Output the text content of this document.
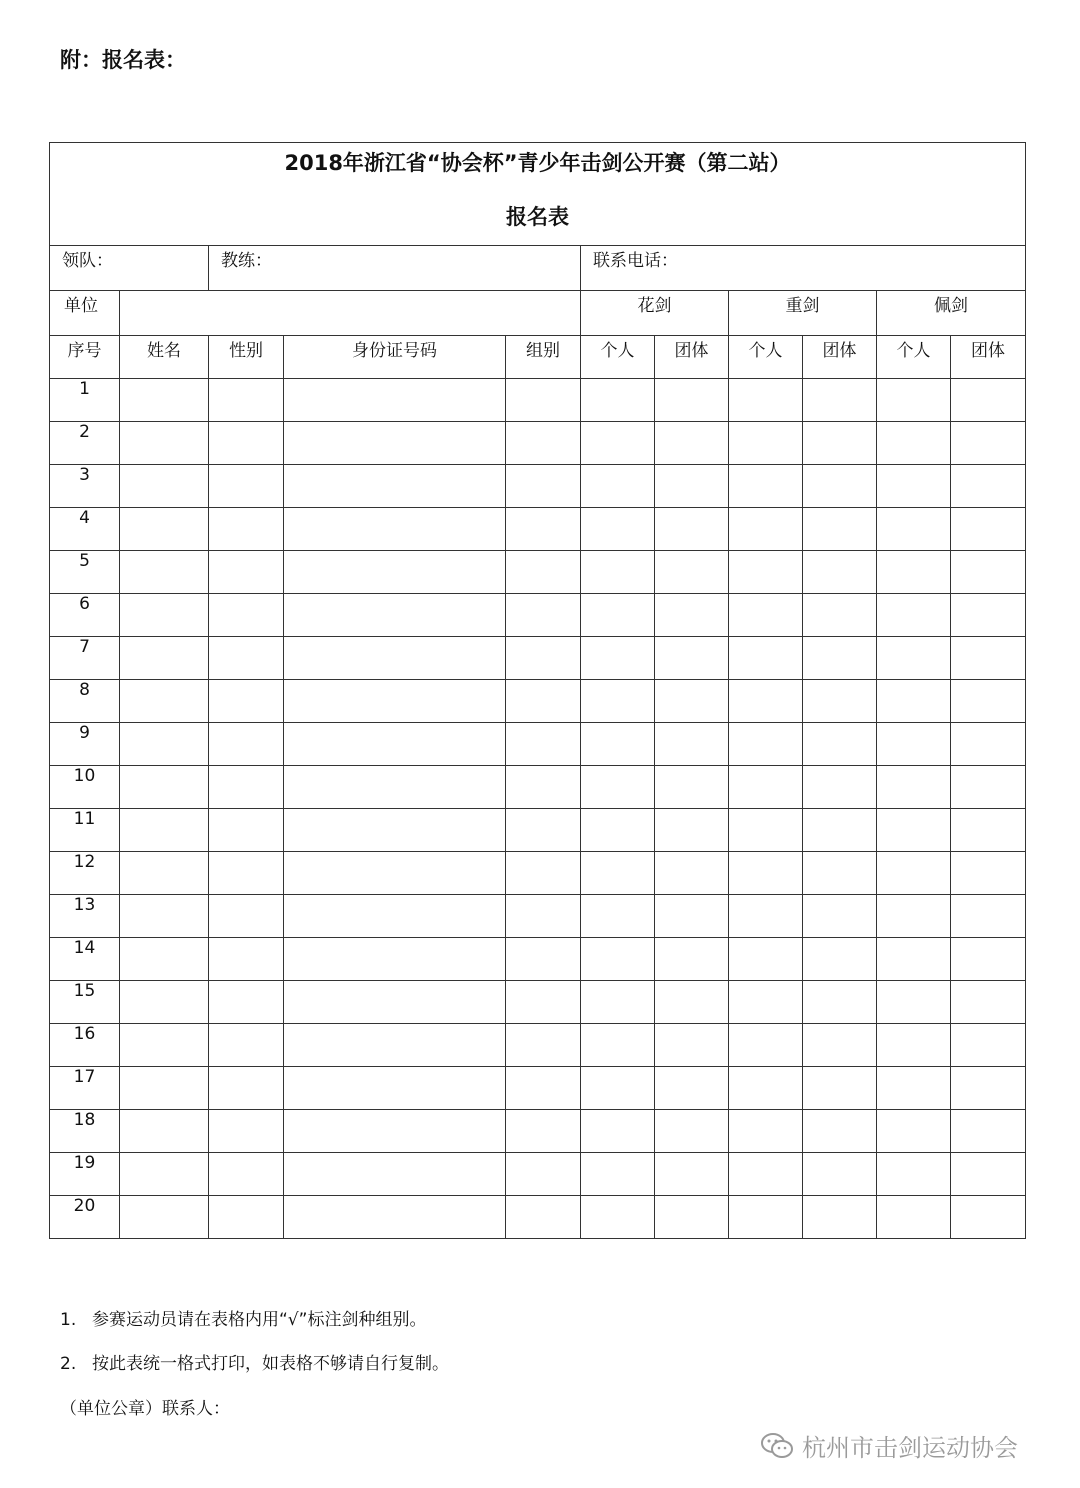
附：报名表：
2018年浙江省“协会杯”青少年击剑公开赛（第二站）
报名表										

领队：		教练：			联系电话：					
单位					花剑		重剑		佩剑	
序号	姓名	性别	身份证号码	组别	个人	团体	个人	团体	个人	团体
1										
2										
3										
4										
5										
6										
7										
8										
9										
10										
11										
12										
13										
14										
15										
16										
17										
18										
19										
20										
1. 参赛运动员请在表格内用“√”标注剑种组别。
2. 按此表统一格式打印，如表格不够请自行复制。
（单位公章）联系人：
杭州市击剑运动协会
